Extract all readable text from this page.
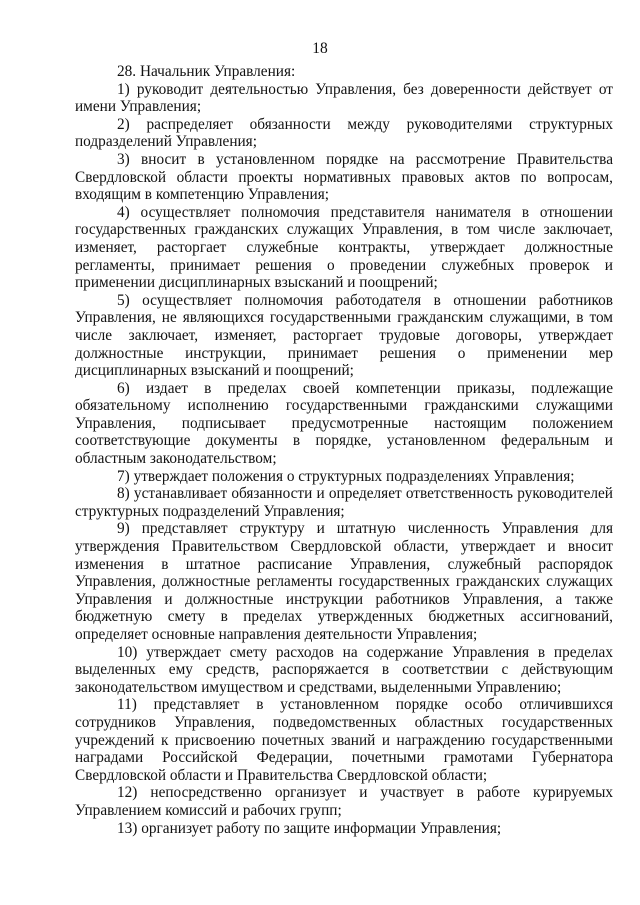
18

28. Начальник Управления:

1) руководит деятельностью Управления, без доверенности действует от имени Управления;

2) распределяет обязанности между руководителями структурных подразделений Управления;

3) вносит в установленном порядке на рассмотрение Правительства Свердловской области проекты нормативных правовых актов по вопросам, входящим в компетенцию Управления;

4) осуществляет полномочия представителя нанимателя в отношении государственных гражданских служащих Управления, в том числе заключает, изменяет, расторгает служебные контракты, утверждает должностные регламенты, принимает решения о проведении служебных проверок и применении дисциплинарных взысканий и поощрений;

5) осуществляет полномочия работодателя в отношении работников Управления, не являющихся государственными гражданским служащими, в том числе заключает, изменяет, расторгает трудовые договоры, утверждает должностные инструкции, принимает решения о применении мер дисциплинарных взысканий и поощрений;

6) издает в пределах своей компетенции приказы, подлежащие обязательному исполнению государственными гражданскими служащими Управления, подписывает предусмотренные настоящим положением соответствующие документы в порядке, установленном федеральным и областным законодательством;

7) утверждает положения о структурных подразделениях Управления;

8) устанавливает обязанности и определяет ответственность руководителей структурных подразделений Управления;

9) представляет структуру и штатную численность Управления для утверждения Правительством Свердловской области, утверждает и вносит изменения в штатное расписание Управления, служебный распорядок Управления, должностные регламенты государственных гражданских служащих Управления и должностные инструкции работников Управления, а также бюджетную смету в пределах утвержденных бюджетных ассигнований, определяет основные направления деятельности Управления;

10) утверждает смету расходов на содержание Управления в пределах выделенных ему средств, распоряжается в соответствии с действующим законодательством имуществом и средствами, выделенными Управлению;

11) представляет в установленном порядке особо отличившихся сотрудников Управления, подведомственных областных государственных учреждений к присвоению почетных званий и награждению государственными наградами Российской Федерации, почетными грамотами Губернатора Свердловской области и Правительства Свердловской области;

12) непосредственно организует и участвует в работе курируемых Управлением комиссий и рабочих групп;

13) организует работу по защите информации Управления;
